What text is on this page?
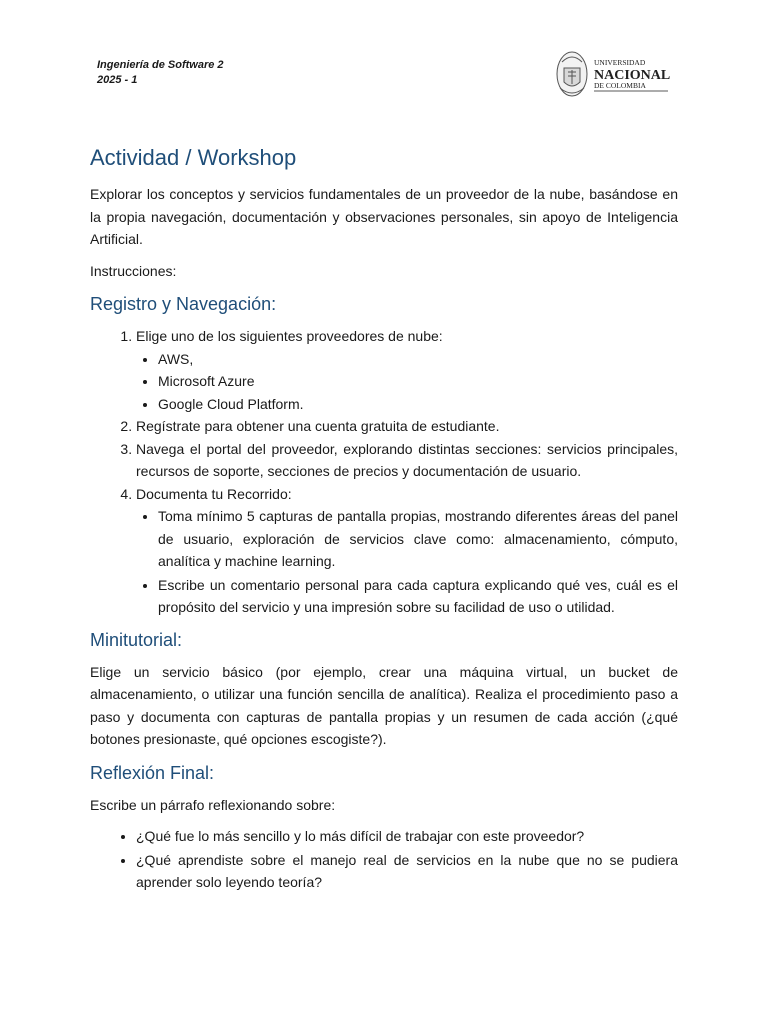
Ingeniería de Software 2
2025 - 1
UNIVERSIDAD
NACIONAL
DE COLOMBIA
Actividad / Workshop

Explorar los conceptos y servicios fundamentales de un proveedor de la nube, basándose en la propia navegación, documentación y observaciones personales, sin apoyo de Inteligencia Artificial.

Instrucciones:

Registro y Navegación:
1. Elige uno de los siguientes proveedores de nube:
• AWS,
• Microsoft Azure
• Google Cloud Platform.
2. Regístrate para obtener una cuenta gratuita de estudiante.
3. Navega el portal del proveedor, explorando distintas secciones: servicios principales, recursos de soporte, secciones de precios y documentación de usuario.
4. Documenta tu Recorrido:
• Toma mínimo 5 capturas de pantalla propias, mostrando diferentes áreas del panel de usuario, exploración de servicios clave como: almacenamiento, cómputo, analítica y machine learning.
• Escribe un comentario personal para cada captura explicando qué ves, cuál es el propósito del servicio y una impresión sobre su facilidad de uso o utilidad.
Minitutorial:

Elige un servicio básico (por ejemplo, crear una máquina virtual, un bucket de almacenamiento, o utilizar una función sencilla de analítica). Realiza el procedimiento paso a paso y documenta con capturas de pantalla propias y un resumen de cada acción (¿qué botones presionaste, qué opciones escogiste?).

Reflexión Final:

Escribe un párrafo reflexionando sobre:

• ¿Qué fue lo más sencillo y lo más difícil de trabajar con este proveedor?
• ¿Qué aprendiste sobre el manejo real de servicios en la nube que no se pudiera aprender solo leyendo teoría?
